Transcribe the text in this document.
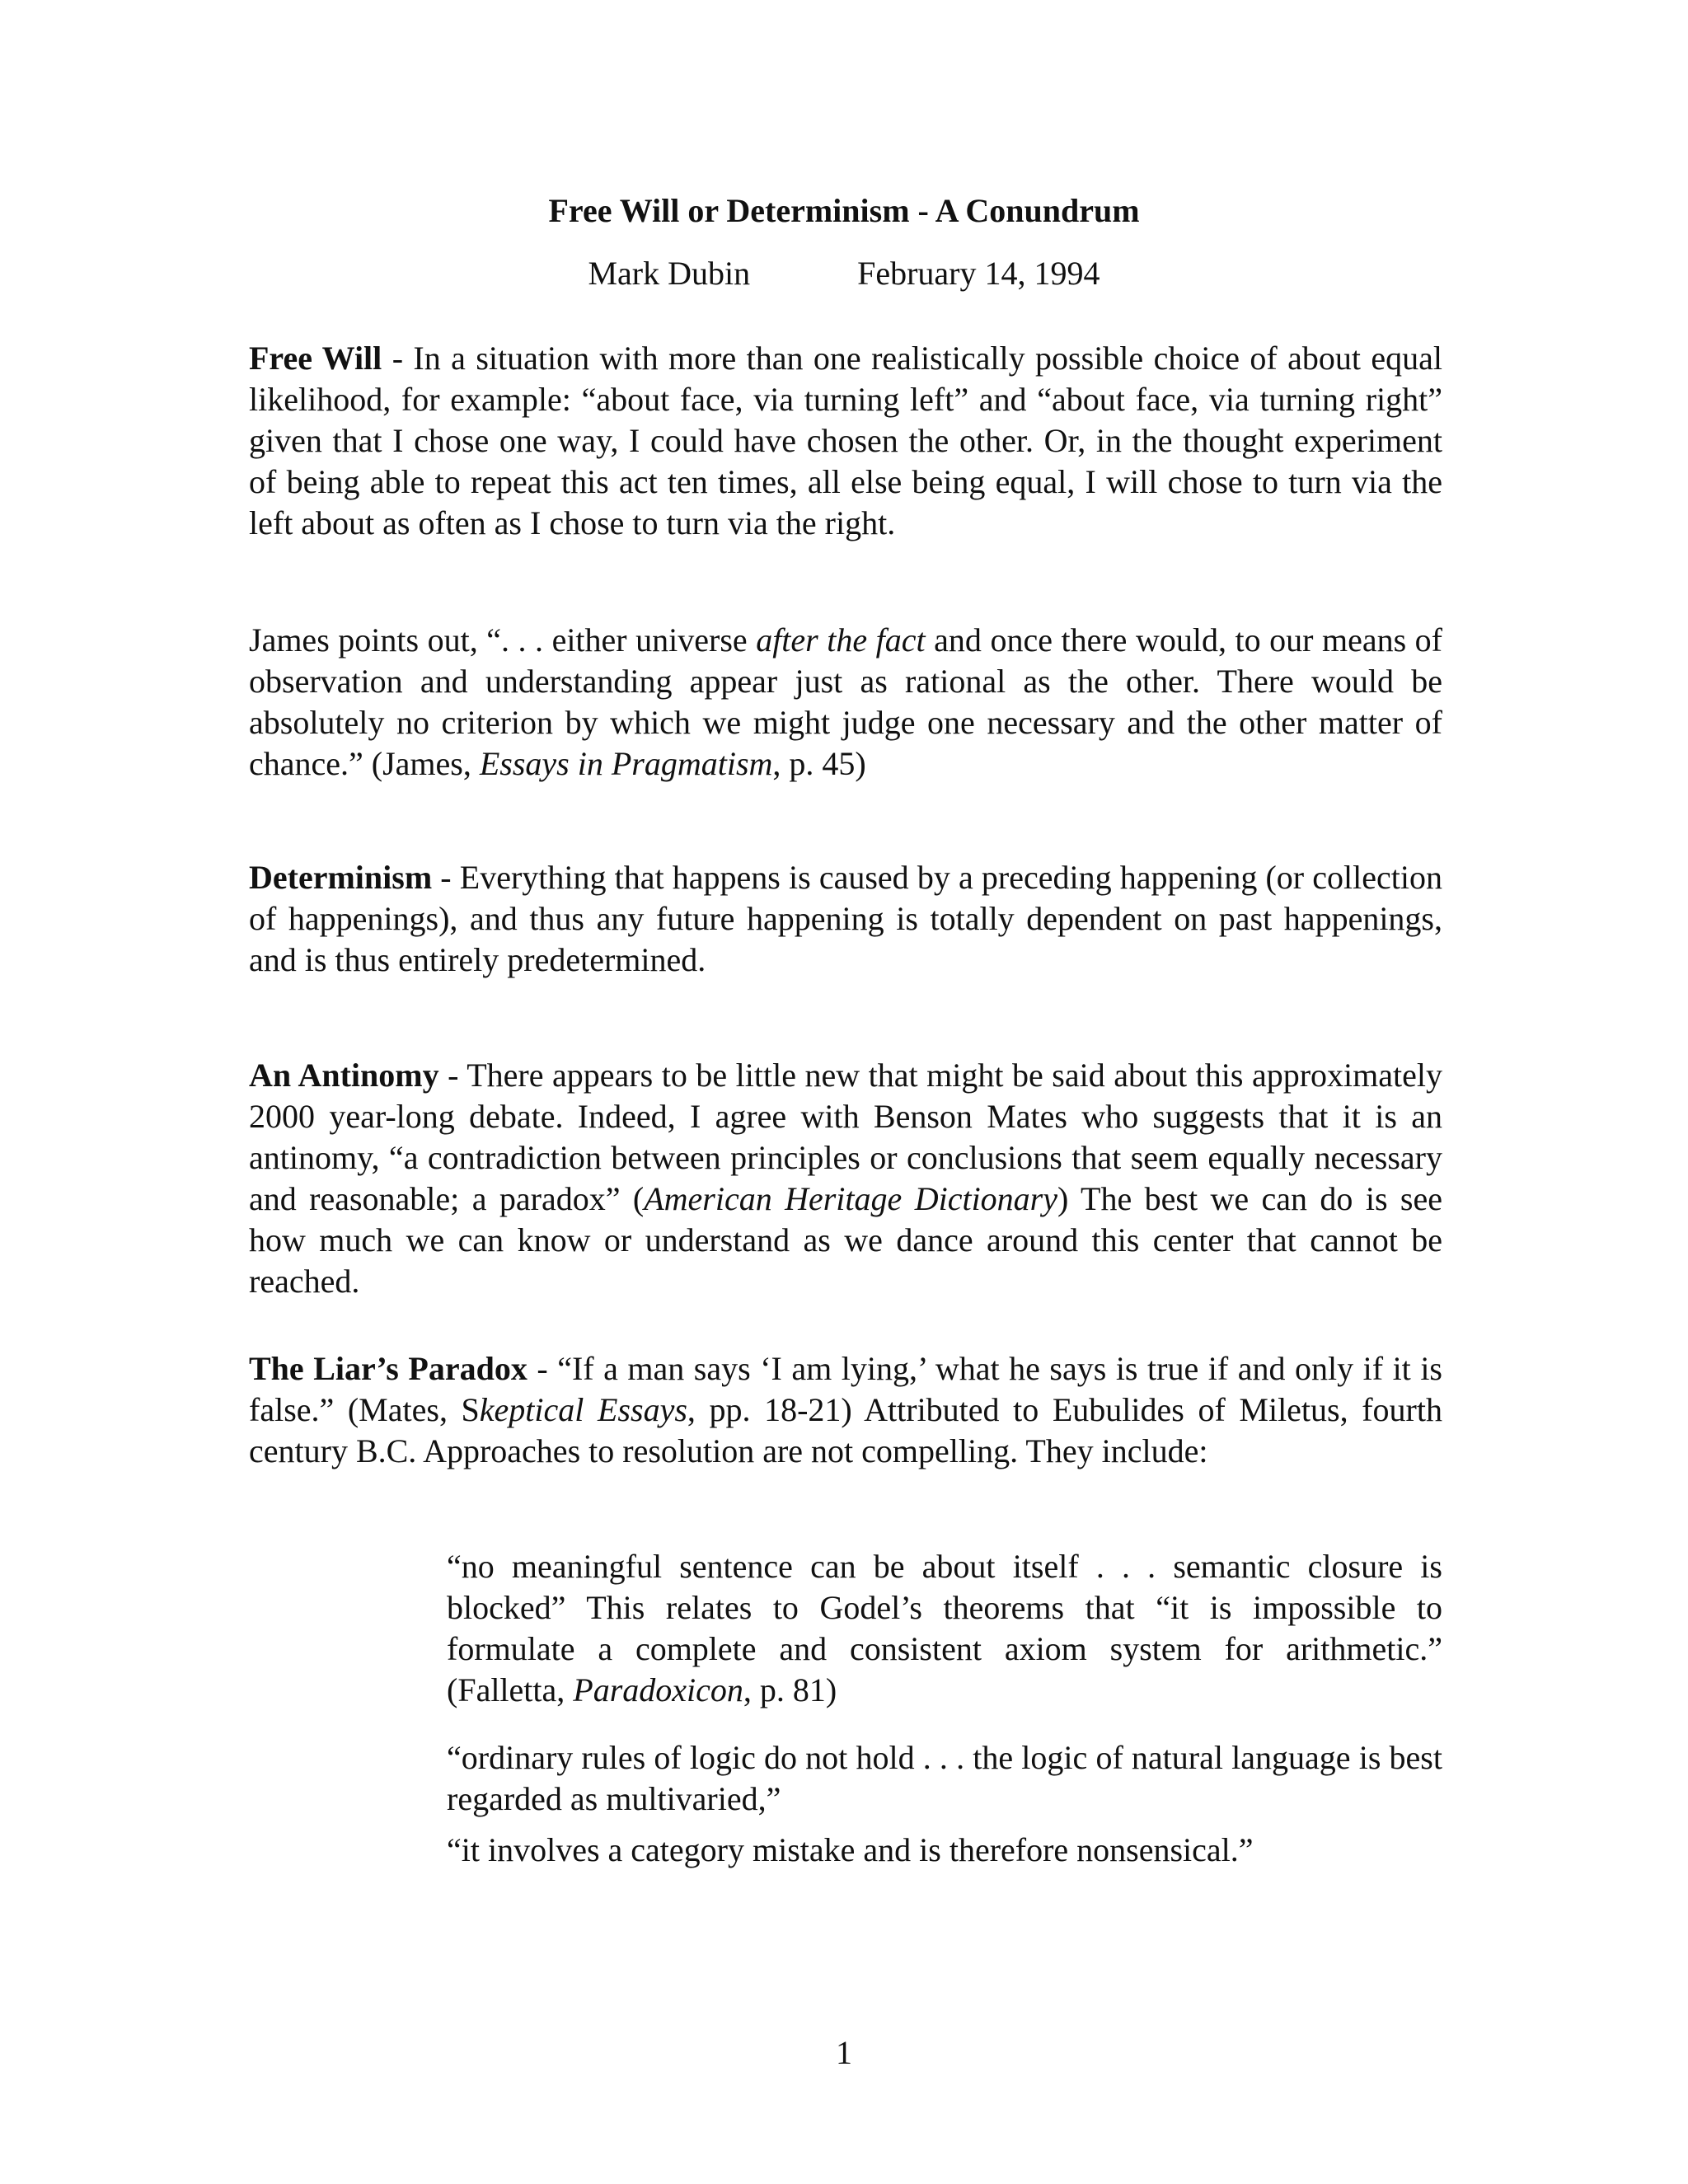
Free Will or Determinism - A Conundrum

Mark Dubin	February 14, 1994

Free Will - In a situation with more than one realistically possible choice of about equal likelihood, for example: “about face, via turning left” and “about face, via turning right” given that I chose one way, I could have chosen the other. Or, in the thought experiment of being able to repeat this act ten times, all else being equal, I will chose to turn via the left about as often as I chose to turn via the right.

James points out, “. . . either universe after the fact and once there would, to our means of observation and understanding appear just as rational as the other. There would be absolutely no criterion by which we might judge one necessary and the other matter of chance.” (James, Essays in Pragmatism, p. 45)

Determinism - Everything that happens is caused by a preceding happening (or collection of happenings), and thus any future happening is totally dependent on past happenings, and is thus entirely predetermined.

An Antinomy - There appears to be little new that might be said about this approximately 2000 year-long debate. Indeed, I agree with Benson Mates who suggests that it is an antinomy, “a contradiction between principles or conclusions that seem equally necessary and reasonable; a paradox” (American Heritage Dictionary) The best we can do is see how much we can know or understand as we dance around this center that cannot be reached.

The Liar’s Paradox - “If a man says ‘I am lying,’ what he says is true if and only if it is false.” (Mates, Skeptical Essays, pp. 18-21) Attributed to Eubulides of Miletus, fourth century B.C. Approaches to resolution are not compelling. They include:

“no meaningful sentence can be about itself . . . semantic closure is blocked” This relates to Godel’s theorems that “it is impossible to formulate a complete and consistent axiom system for arithmetic.” (Falletta, Paradoxicon, p. 81)

“ordinary rules of logic do not hold . . . the logic of natural language is best regarded as multivaried,”

“it involves a category mistake and is therefore nonsensical.”

1
